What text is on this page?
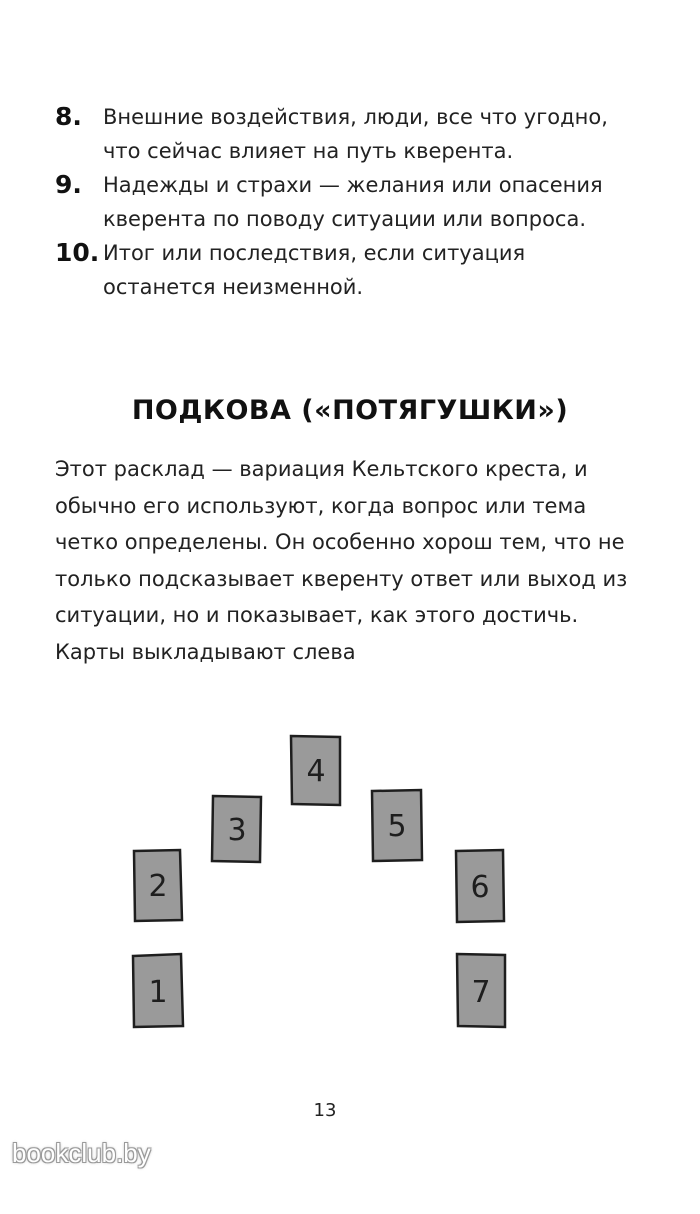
8.	Внешние воздействия, люди, все что угодно, что сейчас влияет на путь кверента.
9.	Надежды и страхи — желания или опасения кверента по поводу ситуации или вопроса.
10. Итог или последствия, если ситуация останется неизменной.
ПОДКОВА («ПОТЯГУШКИ»)

Этот расклад — вариация Кельтского креста, и обычно его используют, когда вопрос или тема четко определены. Он особенно хорош тем, что не только подсказывает кверенту ответ или выход из ситуации, но и показывает, как этого достичь. Карты выкладывают слева

1
2
3
4
5
6
7

13

bookclub.by
